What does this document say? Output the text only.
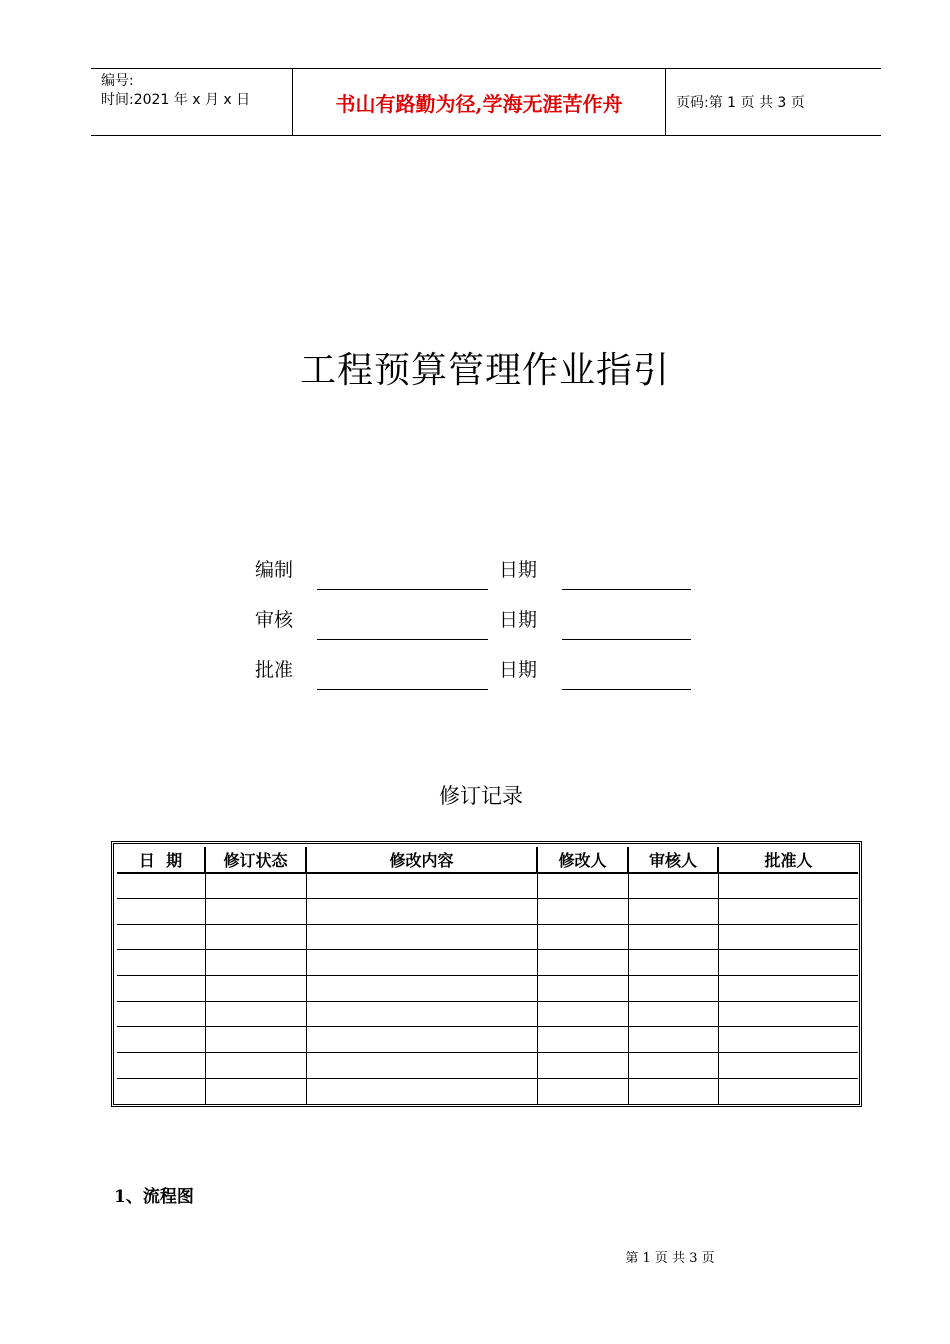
编号:
时间:2021 年 x 月 x 日	书山有路勤为径,学海无涯苦作舟	页码:第 1 页 共 3 页
工程预算管理作业指引
编制	日期
审核	日期
批准	日期
修订记录
日  期	修订状态	修改内容	修改人	审核人	批准人

1、流程图
第 1 页 共 3 页
